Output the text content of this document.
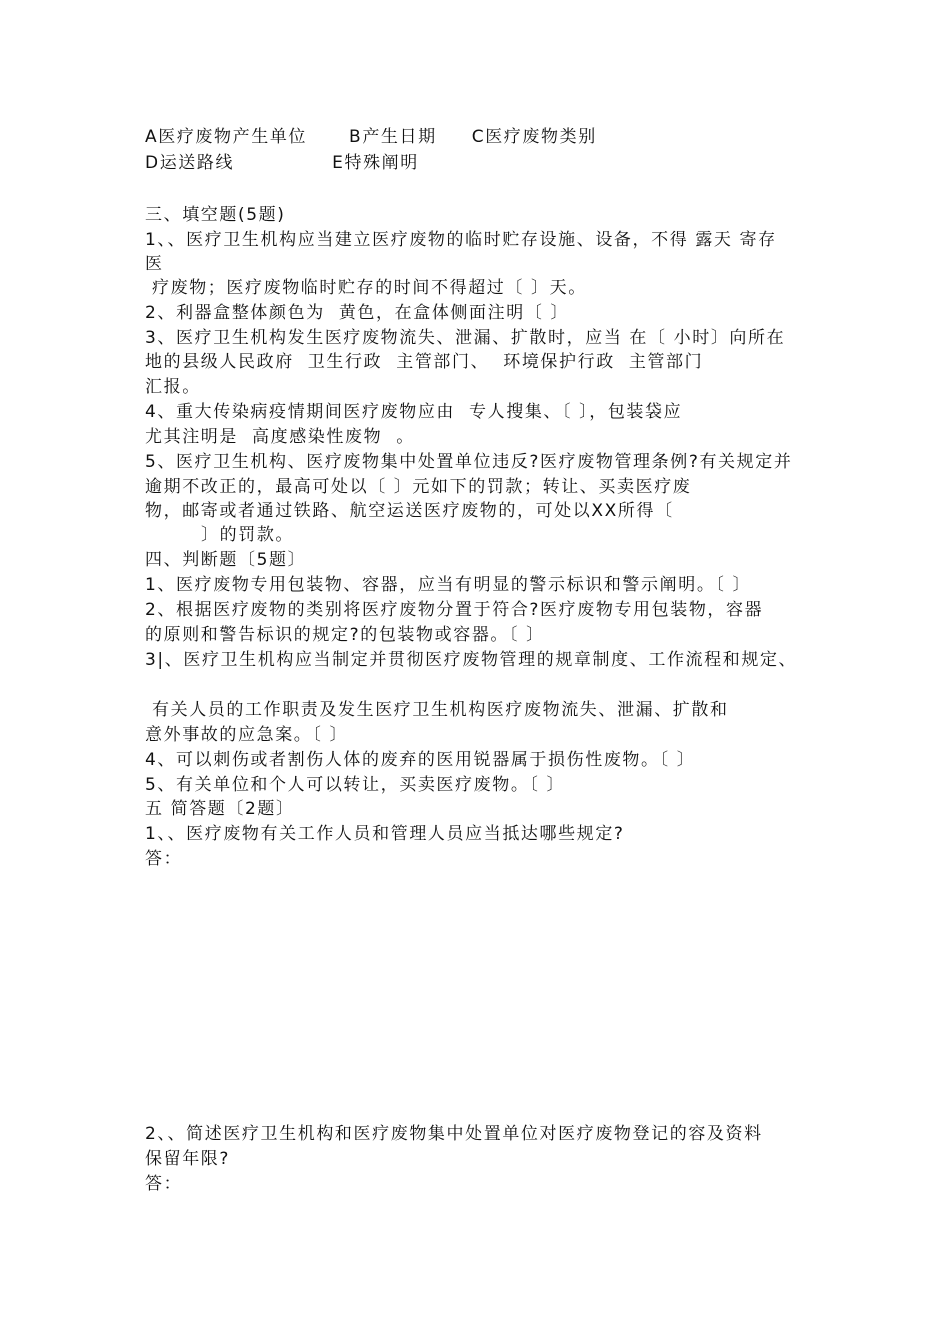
A医疗废物产生单位      B产生日期     C医疗废物类别
D运送路线              E特殊阐明
三、填空题(5题)
1、、医疗卫生机构应当建立医疗废物的临时贮存设施、设备，不得 露天 寄存
医
疗废物；医疗废物临时贮存的时间不得超过〔 〕天。
2、利器盒整体颜色为  黄色，在盒体侧面注明〔 〕
3、医疗卫生机构发生医疗废物流失、泄漏、扩散时，应当 在〔 小时〕向所在
地的县级人民政府  卫生行政  主管部门、  环境保护行政  主管部门
汇报。
4、重大传染病疫情期间医疗废物应由  专人搜集、〔 〕，包装袋应
尤其注明是  高度感染性废物  。
5、医疗卫生机构、医疗废物集中处置单位违反?医疗废物管理条例?有关规定并
逾期不改正的，最高可处以〔 〕元如下的罚款；转让、买卖医疗废
物，邮寄或者通过铁路、航空运送医疗废物的，可处以XX所得〔
〕的罚款。
四、判断题〔5题〕
1、医疗废物专用包装物、容器，应当有明显的警示标识和警示阐明。〔 〕
2、根据医疗废物的类别将医疗废物分置于符合?医疗废物专用包装物，容器
的原则和警告标识的规定?的包装物或容器。〔 〕
3|、医疗卫生机构应当制定并贯彻医疗废物管理的规章制度、工作流程和规定、
有关人员的工作职责及发生医疗卫生机构医疗废物流失、泄漏、扩散和
意外事故的应急案。〔 〕
4、可以刺伤或者割伤人体的废弃的医用锐器属于损伤性废物。〔 〕
5、有关单位和个人可以转让，买卖医疗废物。〔 〕
五 简答题〔2题〕
1、、医疗废物有关工作人员和管理人员应当抵达哪些规定?
答：
2、、简述医疗卫生机构和医疗废物集中处置单位对医疗废物登记的容及资料
保留年限?
答：
